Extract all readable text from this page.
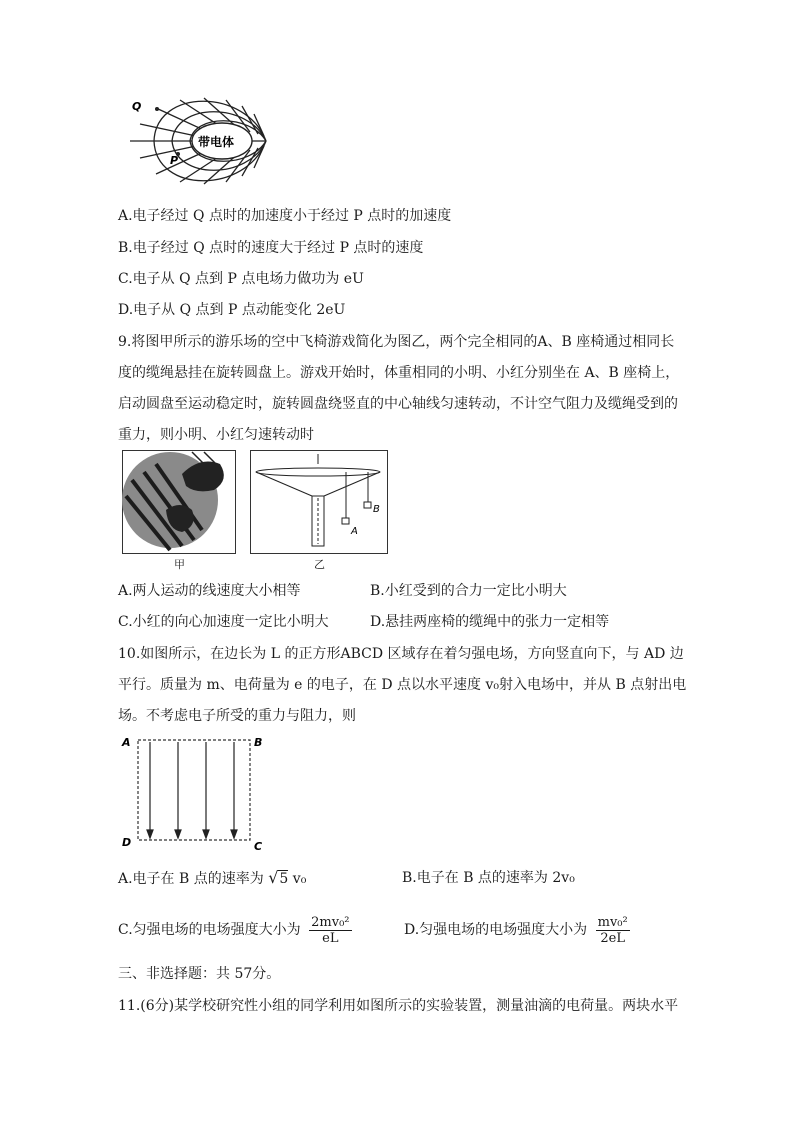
Q
P
带电体
A.电子经过 Q 点时的加速度小于经过 P 点时的加速度
B.电子经过 Q 点时的速度大于经过 P 点时的速度
C.电子从 Q 点到 P 点电场力做功为 eU
D.电子从 Q 点到 P 点动能变化 2eU
9.将图甲所示的游乐场的空中飞椅游戏简化为图乙，两个完全相同的A、B 座椅通过相同长
度的缆绳悬挂在旋转圆盘上。游戏开始时，体重相同的小明、小红分别坐在 A、B 座椅上，
启动圆盘至运动稳定时，旋转圆盘绕竖直的中心轴线匀速转动，不计空气阻力及缆绳受到的
重力，则小明、小红匀速转动时
甲
A
B
乙
A.两人运动的线速度大小相等	B.小红受到的合力一定比小明大
C.小红的向心加速度一定比小明大	D.悬挂两座椅的缆绳中的张力一定相等
10.如图所示，在边长为 L 的正方形ABCD 区域存在着匀强电场，方向竖直向下，与 AD 边
平行。质量为 m、电荷量为 e 的电子，在 D 点以水平速度 v₀射入电场中，并从 B 点射出电
场。不考虑电子所受的重力与阻力，则
A	B
D	C
A.电子在 B 点的速率为 √5 v₀	B.电子在 B 点的速率为 2v₀
C.匀强电场的电场强度大小为 $\frac{\text{2mv₀²}}{eL}$	D.匀强电场的电场强度大小为 $\frac{\text{mv₀²}}{2eL}$
三、非选择题：共 57分。
11.(6分)某学校研究性小组的同学利用如图所示的实验装置，测量油滴的电荷量。两块水平
